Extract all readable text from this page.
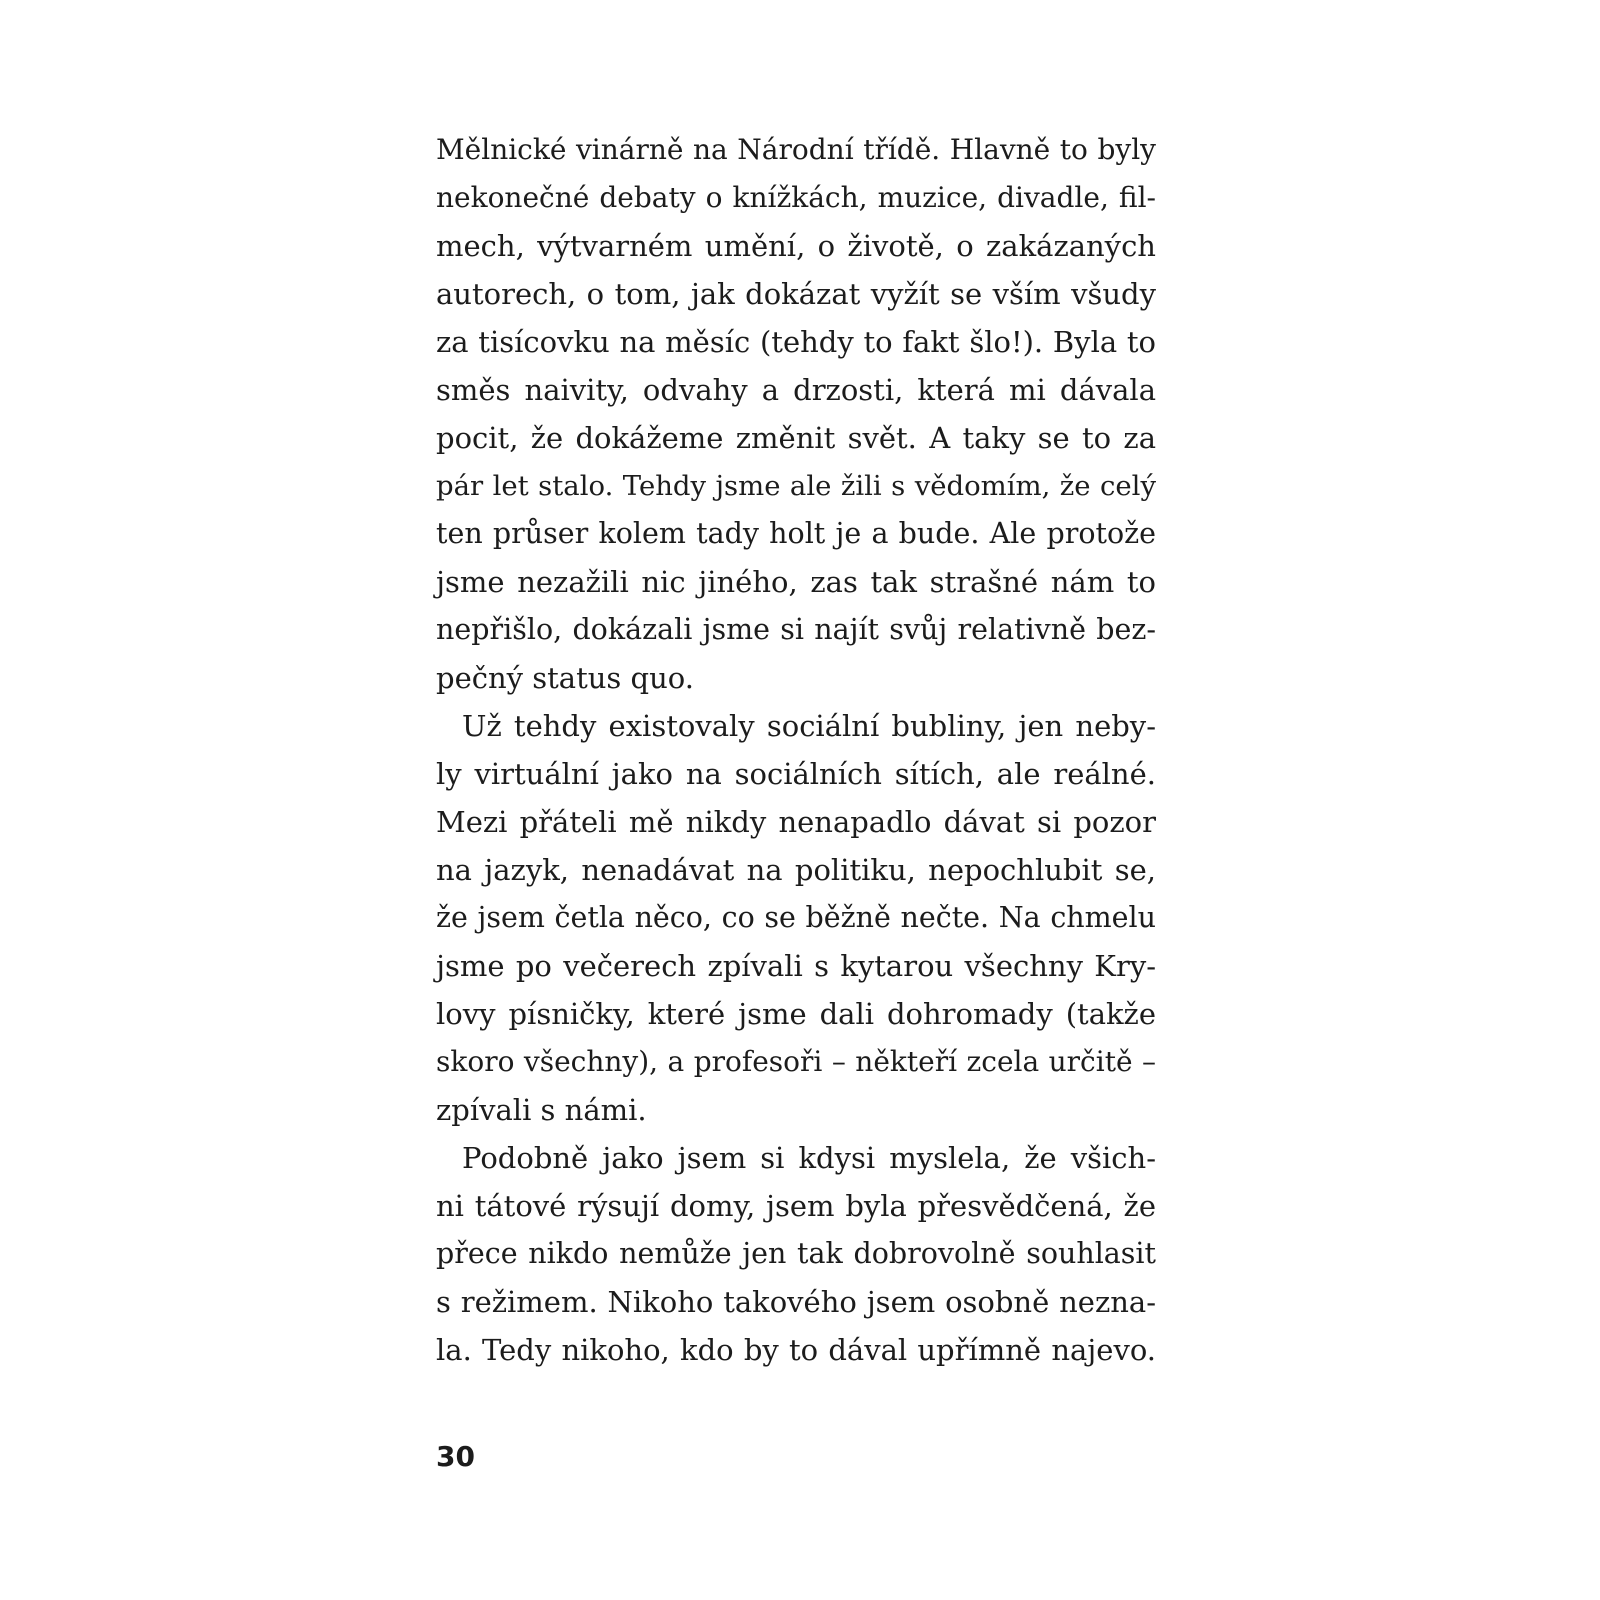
Mělnické vinárně na Národní třídě. Hlavně to byly
nekonečné debaty o knížkách, muzice, divadle, fil-
mech, výtvarném umění, o životě, o zakázaných
autorech, o tom, jak dokázat vyžít se vším všudy
za tisícovku na měsíc (tehdy to fakt šlo!). Byla to
směs naivity, odvahy a drzosti, která mi dávala
pocit, že dokážeme změnit svět. A taky se to za
pár let stalo. Tehdy jsme ale žili s vědomím, že celý
ten průser kolem tady holt je a bude. Ale protože
jsme nezažili nic jiného, zas tak strašné nám to
nepřišlo, dokázali jsme si najít svůj relativně bez-
pečný status quo.
Už tehdy existovaly sociální bubliny, jen neby-
ly virtuální jako na sociálních sítích, ale reálné.
Mezi přáteli mě nikdy nenapadlo dávat si pozor
na jazyk, nenadávat na politiku, nepochlubit se,
že jsem četla něco, co se běžně nečte. Na chmelu
jsme po večerech zpívali s kytarou všechny Kry-
lovy písničky, které jsme dali dohromady (takže
skoro všechny), a profesoři – někteří zcela určitě –
zpívali s námi.
Podobně jako jsem si kdysi myslela, že všich-
ni tátové rýsují domy, jsem byla přesvědčená, že
přece nikdo nemůže jen tak dobrovolně souhlasit
s režimem. Nikoho takového jsem osobně nezna-
la. Tedy nikoho, kdo by to dával upřímně najevo.
30
